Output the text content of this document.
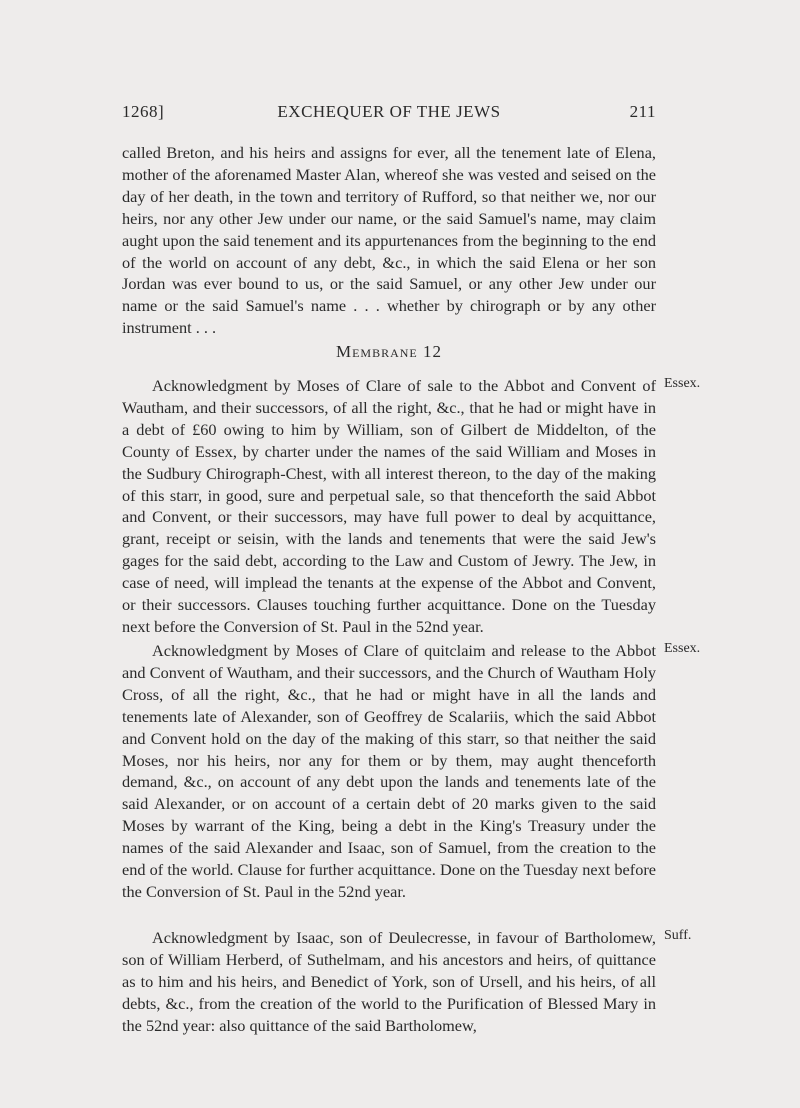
1268]	EXCHEQUER OF THE JEWS	211
called Breton, and his heirs and assigns for ever, all the tenement late of Elena, mother of the aforenamed Master Alan, whereof she was vested and seised on the day of her death, in the town and territory of Rufford, so that neither we, nor our heirs, nor any other Jew under our name, or the said Samuel's name, may claim aught upon the said tenement and its appurtenances from the beginning to the end of the world on account of any debt, &c., in which the said Elena or her son Jordan was ever bound to us, or the said Samuel, or any other Jew under our name or the said Samuel's name . . . whether by chirograph or by any other instrument . . .
Membrane 12
Acknowledgment by Moses of Clare of sale to the Abbot and Convent of Wautham, and their successors, of all the right, &c., that he had or might have in a debt of £60 owing to him by William, son of Gilbert de Middelton, of the County of Essex, by charter under the names of the said William and Moses in the Sudbury Chirograph-Chest, with all interest thereon, to the day of the making of this starr, in good, sure and perpetual sale, so that thenceforth the said Abbot and Convent, or their successors, may have full power to deal by acquittance, grant, receipt or seisin, with the lands and tenements that were the said Jew's gages for the said debt, according to the Law and Custom of Jewry. The Jew, in case of need, will implead the tenants at the expense of the Abbot and Convent, or their successors. Clauses touching further acquittance. Done on the Tuesday next before the Conversion of St. Paul in the 52nd year.
Essex.
Acknowledgment by Moses of Clare of quitclaim and release to the Abbot and Convent of Wautham, and their successors, and the Church of Wautham Holy Cross, of all the right, &c., that he had or might have in all the lands and tenements late of Alexander, son of Geoffrey de Scalariis, which the said Abbot and Convent hold on the day of the making of this starr, so that neither the said Moses, nor his heirs, nor any for them or by them, may aught thenceforth demand, &c., on account of any debt upon the lands and tenements late of the said Alexander, or on account of a certain debt of 20 marks given to the said Moses by warrant of the King, being a debt in the King's Treasury under the names of the said Alexander and Isaac, son of Samuel, from the creation to the end of the world. Clause for further acquittance. Done on the Tuesday next before the Conversion of St. Paul in the 52nd year.
Essex.
Acknowledgment by Isaac, son of Deulecresse, in favour of Bartholomew, son of William Herberd, of Suthelmam, and his ancestors and heirs, of quittance as to him and his heirs, and Benedict of York, son of Ursell, and his heirs, of all debts, &c., from the creation of the world to the Purification of Blessed Mary in the 52nd year: also quittance of the said Bartholomew,
Suff.
